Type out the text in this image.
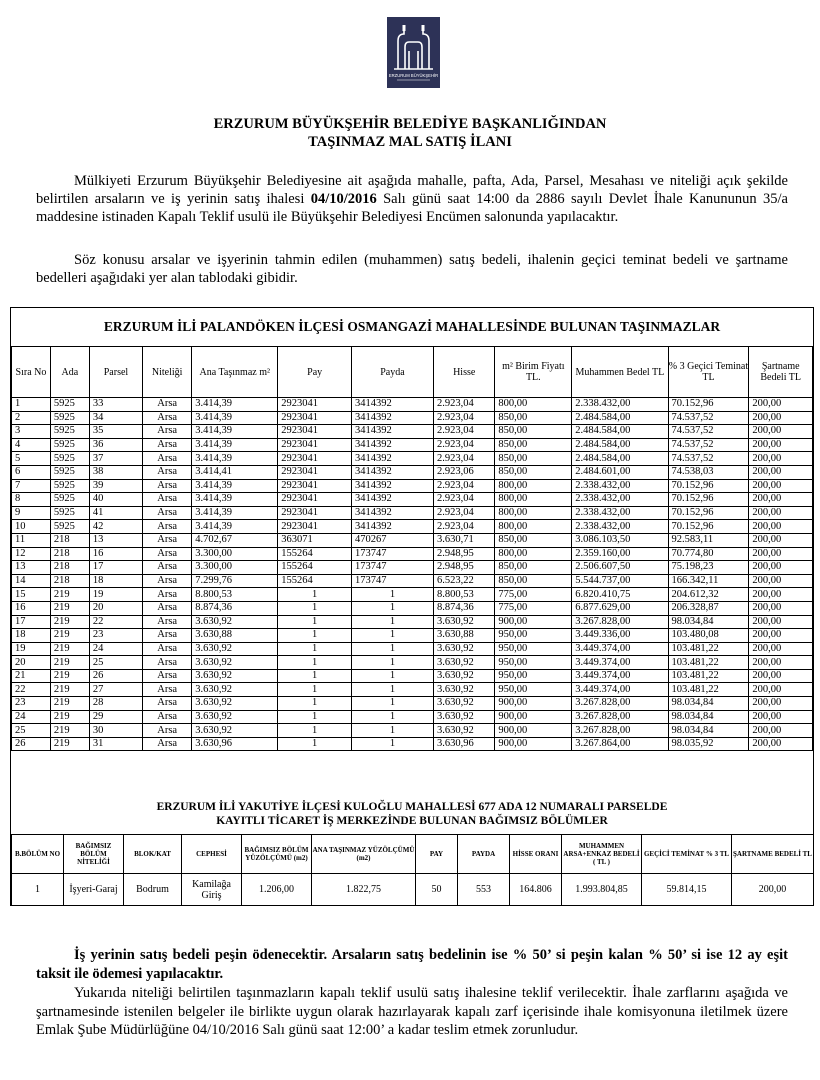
ERZURUM BÜYÜKŞEHİR
ERZURUM BÜYÜKŞEHİR BELEDİYE BAŞKANLIĞINDAN
TAŞINMAZ MAL SATIŞ İLANI
Mülkiyeti Erzurum Büyükşehir Belediyesine ait aşağıda mahalle, pafta, Ada, Parsel, Mesahası ve niteliği açık şekilde belirtilen arsaların ve iş yerinin satış ihalesi 04/10/2016 Salı günü saat 14:00 da 2886 sayılı Devlet İhale Kanununun 35/a maddesine istinaden Kapalı Teklif usulü ile Büyükşehir Belediyesi Encümen salonunda yapılacaktır.
Söz konusu arsalar ve işyerinin tahmin edilen (muhammen) satış bedeli, ihalenin geçici teminat bedeli ve şartname bedelleri aşağıdaki yer alan tablodaki gibidir.
ERZURUM İLİ PALANDÖKEN İLÇESİ OSMANGAZİ MAHALLESİNDE BULUNAN TAŞINMAZLAR
Sıra No	Ada	Parsel	Niteliği	Ana Taşınmaz m²	Pay	Payda	Hisse	m² Birim Fiyatı TL.	Muhammen Bedel TL	% 3 Geçici Teminat TL	Şartname Bedeli TL
1	5925	33	Arsa	3.414,39	2923041	3414392	2.923,04	800,00	2.338.432,00	70.152,96	200,00
2	5925	34	Arsa	3.414,39	2923041	3414392	2.923,04	850,00	2.484.584,00	74.537,52	200,00
3	5925	35	Arsa	3.414,39	2923041	3414392	2.923,04	850,00	2.484.584,00	74.537,52	200,00
4	5925	36	Arsa	3.414,39	2923041	3414392	2.923,04	850,00	2.484.584,00	74.537,52	200,00
5	5925	37	Arsa	3.414,39	2923041	3414392	2.923,04	850,00	2.484.584,00	74.537,52	200,00
6	5925	38	Arsa	3.414,41	2923041	3414392	2.923,06	850,00	2.484.601,00	74.538,03	200,00
7	5925	39	Arsa	3.414,39	2923041	3414392	2.923,04	800,00	2.338.432,00	70.152,96	200,00
8	5925	40	Arsa	3.414,39	2923041	3414392	2.923,04	800,00	2.338.432,00	70.152,96	200,00
9	5925	41	Arsa	3.414,39	2923041	3414392	2.923,04	800,00	2.338.432,00	70.152,96	200,00
10	5925	42	Arsa	3.414,39	2923041	3414392	2.923,04	800,00	2.338.432,00	70.152,96	200,00
11	218	13	Arsa	4.702,67	363071	470267	3.630,71	850,00	3.086.103,50	92.583,11	200,00
12	218	16	Arsa	3.300,00	155264	173747	2.948,95	800,00	2.359.160,00	70.774,80	200,00
13	218	17	Arsa	3.300,00	155264	173747	2.948,95	850,00	2.506.607,50	75.198,23	200,00
14	218	18	Arsa	7.299,76	155264	173747	6.523,22	850,00	5.544.737,00	166.342,11	200,00
15	219	19	Arsa	8.800,53	1	1	8.800,53	775,00	6.820.410,75	204.612,32	200,00
16	219	20	Arsa	8.874,36	1	1	8.874,36	775,00	6.877.629,00	206.328,87	200,00
17	219	22	Arsa	3.630,92	1	1	3.630,92	900,00	3.267.828,00	98.034,84	200,00
18	219	23	Arsa	3.630,88	1	1	3.630,88	950,00	3.449.336,00	103.480,08	200,00
19	219	24	Arsa	3.630,92	1	1	3.630,92	950,00	3.449.374,00	103.481,22	200,00
20	219	25	Arsa	3.630,92	1	1	3.630,92	950,00	3.449.374,00	103.481,22	200,00
21	219	26	Arsa	3.630,92	1	1	3.630,92	950,00	3.449.374,00	103.481,22	200,00
22	219	27	Arsa	3.630,92	1	1	3.630,92	950,00	3.449.374,00	103.481,22	200,00
23	219	28	Arsa	3.630,92	1	1	3.630,92	900,00	3.267.828,00	98.034,84	200,00
24	219	29	Arsa	3.630,92	1	1	3.630,92	900,00	3.267.828,00	98.034,84	200,00
25	219	30	Arsa	3.630,92	1	1	3.630,92	900,00	3.267.828,00	98.034,84	200,00
26	219	31	Arsa	3.630,96	1	1	3.630,96	900,00	3.267.864,00	98.035,92	200,00
ERZURUM İLİ YAKUTİYE İLÇESİ KULOĞLU MAHALLESİ 677 ADA 12 NUMARALI PARSELDE
KAYITLI TİCARET İŞ MERKEZİNDE BULUNAN BAĞIMSIZ BÖLÜMLER
B.BÖLÜM NO	BAĞIMSIZ BÖLÜM NİTELİĞİ	BLOK/KAT	CEPHESİ	BAĞIMSIZ BÖLÜM YÜZÖLÇÜMÜ (m2)	ANA TAŞINMAZ YÜZÖLÇÜMÜ (m2)	PAY	PAYDA	HİSSE ORANI	MUHAMMEN ARSA+ENKAZ BEDELİ ( TL )	GEÇİCİ TEMİNAT % 3 TL	ŞARTNAME BEDELİ TL
1	İşyeri-Garaj	Bodrum	Kamilağa Giriş	1.206,00	1.822,75	50	553	164.806	1.993.804,85	59.814,15	200,00
İş yerinin satış bedeli peşin ödenecektir. Arsaların satış bedelinin ise % 50’ si peşin kalan % 50’ si ise 12 ay eşit taksit ile ödemesi yapılacaktır.
Yukarıda niteliği belirtilen taşınmazların kapalı teklif usulü satış ihalesine teklif verilecektir. İhale zarflarını aşağıda ve şartnamesinde istenilen belgeler ile birlikte uygun olarak hazırlayarak kapalı zarf içerisinde ihale komisyonuna iletilmek üzere Emlak Şube Müdürlüğüne 04/10/2016 Salı günü saat 12:00’ a kadar teslim etmek zorunludur.
